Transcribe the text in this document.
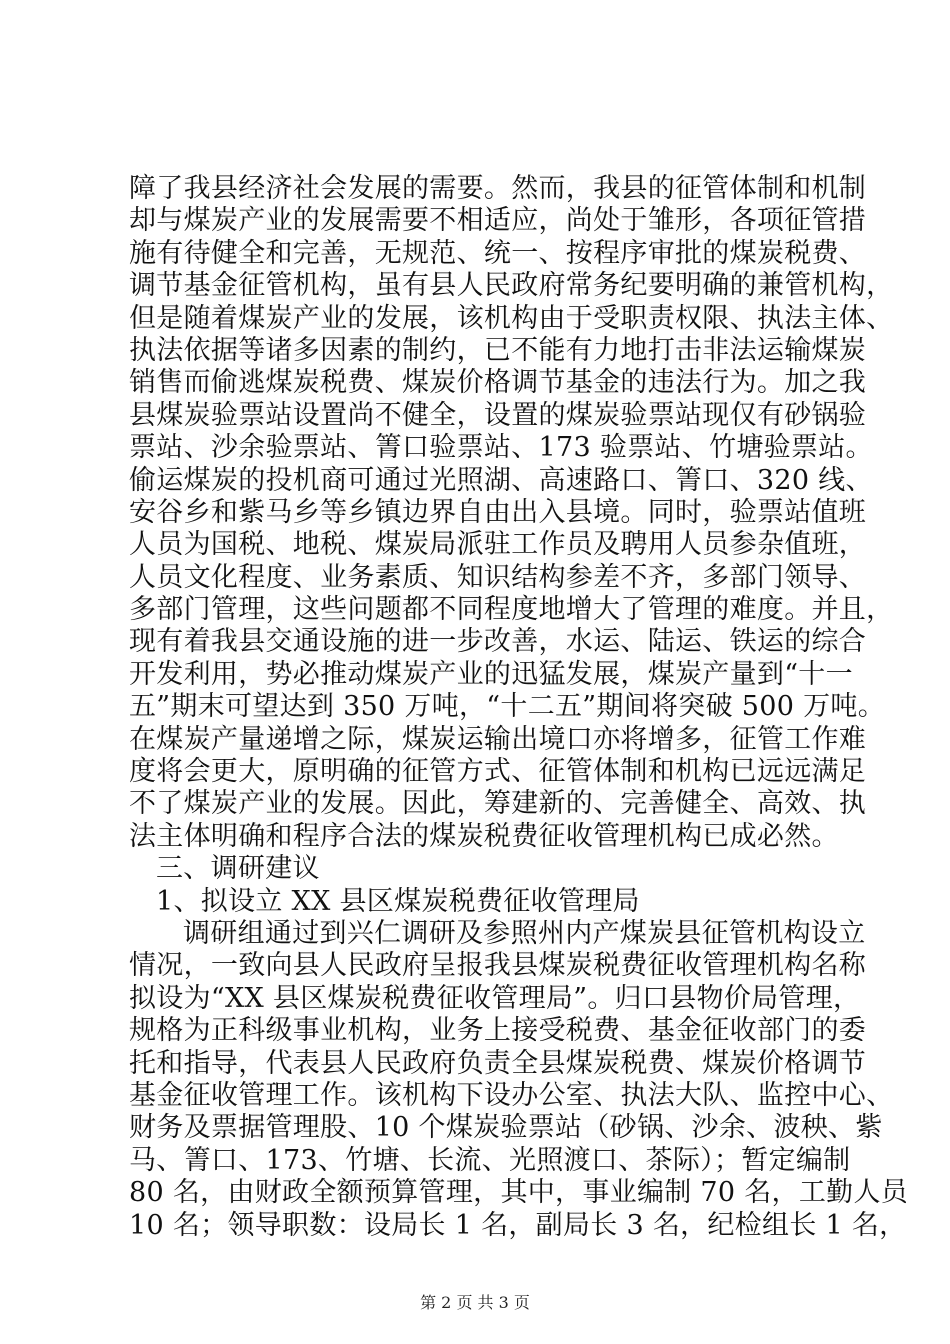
障了我县经济社会发展的需要。然而，我县的征管体制和机制
却与煤炭产业的发展需要不相适应，尚处于雏形，各项征管措
施有待健全和完善，无规范、统一、按程序审批的煤炭税费、
调节基金征管机构，虽有县人民政府常务纪要明确的兼管机构，
但是随着煤炭产业的发展，该机构由于受职责权限、执法主体、
执法依据等诸多因素的制约，已不能有力地打击非法运输煤炭
销售而偷逃煤炭税费、煤炭价格调节基金的违法行为。加之我
县煤炭验票站设置尚不健全，设置的煤炭验票站现仅有砂锅验
票站、沙余验票站、箐口验票站、173 验票站、竹塘验票站。
偷运煤炭的投机商可通过光照湖、高速路口、箐口、320 线、
安谷乡和紫马乡等乡镇边界自由出入县境。同时，验票站值班
人员为国税、地税、煤炭局派驻工作员及聘用人员参杂值班，
人员文化程度、业务素质、知识结构参差不齐，多部门领导、
多部门管理，这些问题都不同程度地增大了管理的难度。并且，
现有着我县交通设施的进一步改善，水运、陆运、铁运的综合
开发利用，势必推动煤炭产业的迅猛发展，煤炭产量到“十一
五”期末可望达到 350 万吨，“十二五”期间将突破 500 万吨。
在煤炭产量递增之际，煤炭运输出境口亦将增多，征管工作难
度将会更大，原明确的征管方式、征管体制和机构已远远满足
不了煤炭产业的发展。因此，筹建新的、完善健全、高效、执
法主体明确和程序合法的煤炭税费征收管理机构已成必然。
三、调研建议
1、拟设立 XX 县区煤炭税费征收管理局
调研组通过到兴仁调研及参照州内产煤炭县征管机构设立
情况，一致向县人民政府呈报我县煤炭税费征收管理机构名称
拟设为“XX 县区煤炭税费征收管理局”。归口县物价局管理，
规格为正科级事业机构，业务上接受税费、基金征收部门的委
托和指导，代表县人民政府负责全县煤炭税费、煤炭价格调节
基金征收管理工作。该机构下设办公室、执法大队、监控中心、
财务及票据管理股、10 个煤炭验票站（砂锅、沙余、波秧、紫
马、箐口、173、竹塘、长流、光照渡口、茶际）；暂定编制
80 名，由财政全额预算管理，其中，事业编制 70 名，工勤人员
10 名；领导职数：设局长 1 名，副局长 3 名，纪检组长 1 名，
第 2 页 共 3 页
